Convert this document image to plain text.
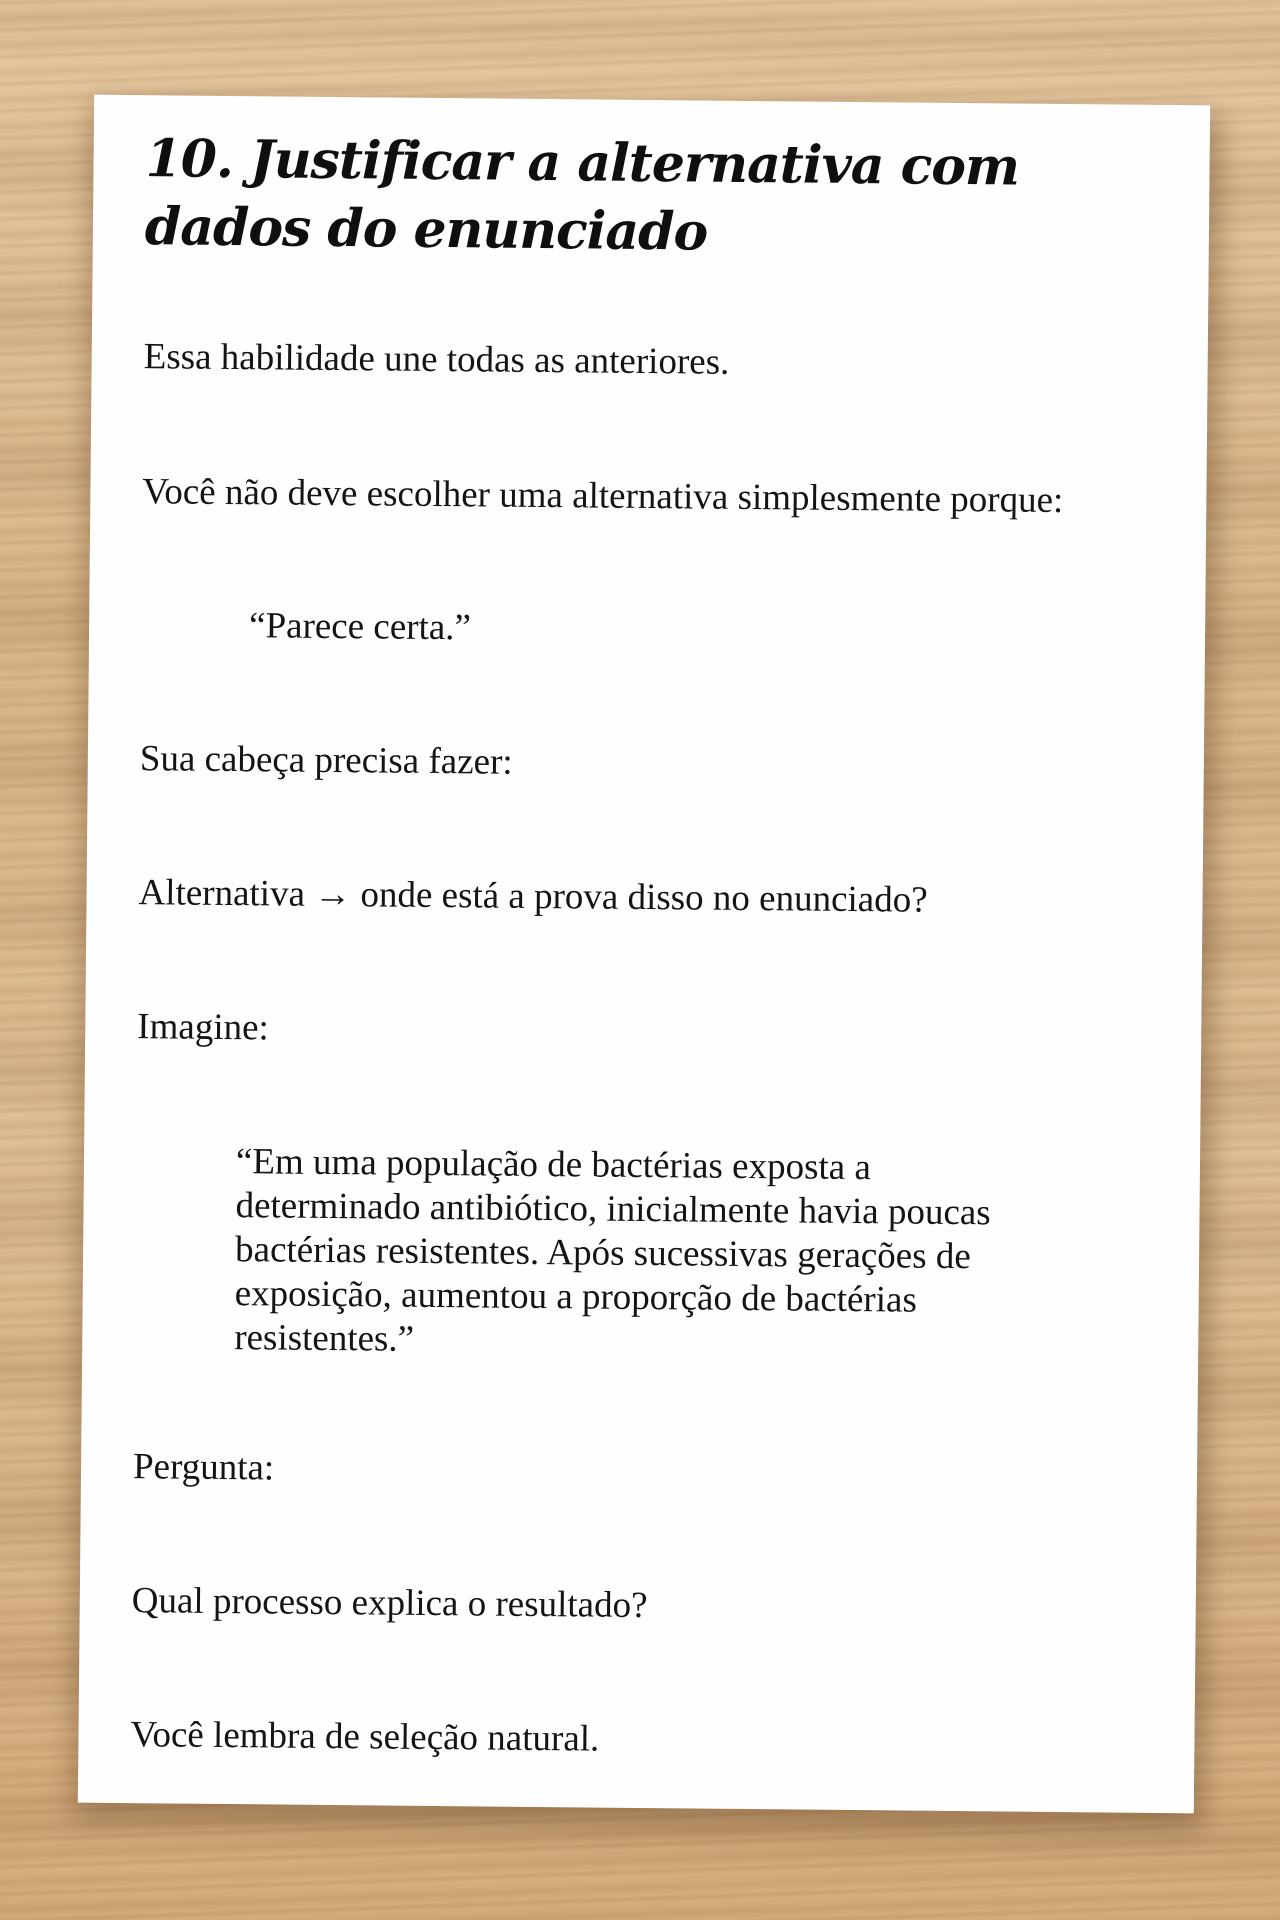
10. Justificar a alternativa com dados do enunciado

Essa habilidade une todas as anteriores.

Você não deve escolher uma alternativa simplesmente porque:

“Parece certa.”

Sua cabeça precisa fazer:

Alternativa → onde está a prova disso no enunciado?

Imagine:

“Em uma população de bactérias exposta a determinado antibiótico, inicialmente havia poucas bactérias resistentes. Após sucessivas gerações de exposição, aumentou a proporção de bactérias resistentes.”

Pergunta:

Qual processo explica o resultado?

Você lembra de seleção natural.
